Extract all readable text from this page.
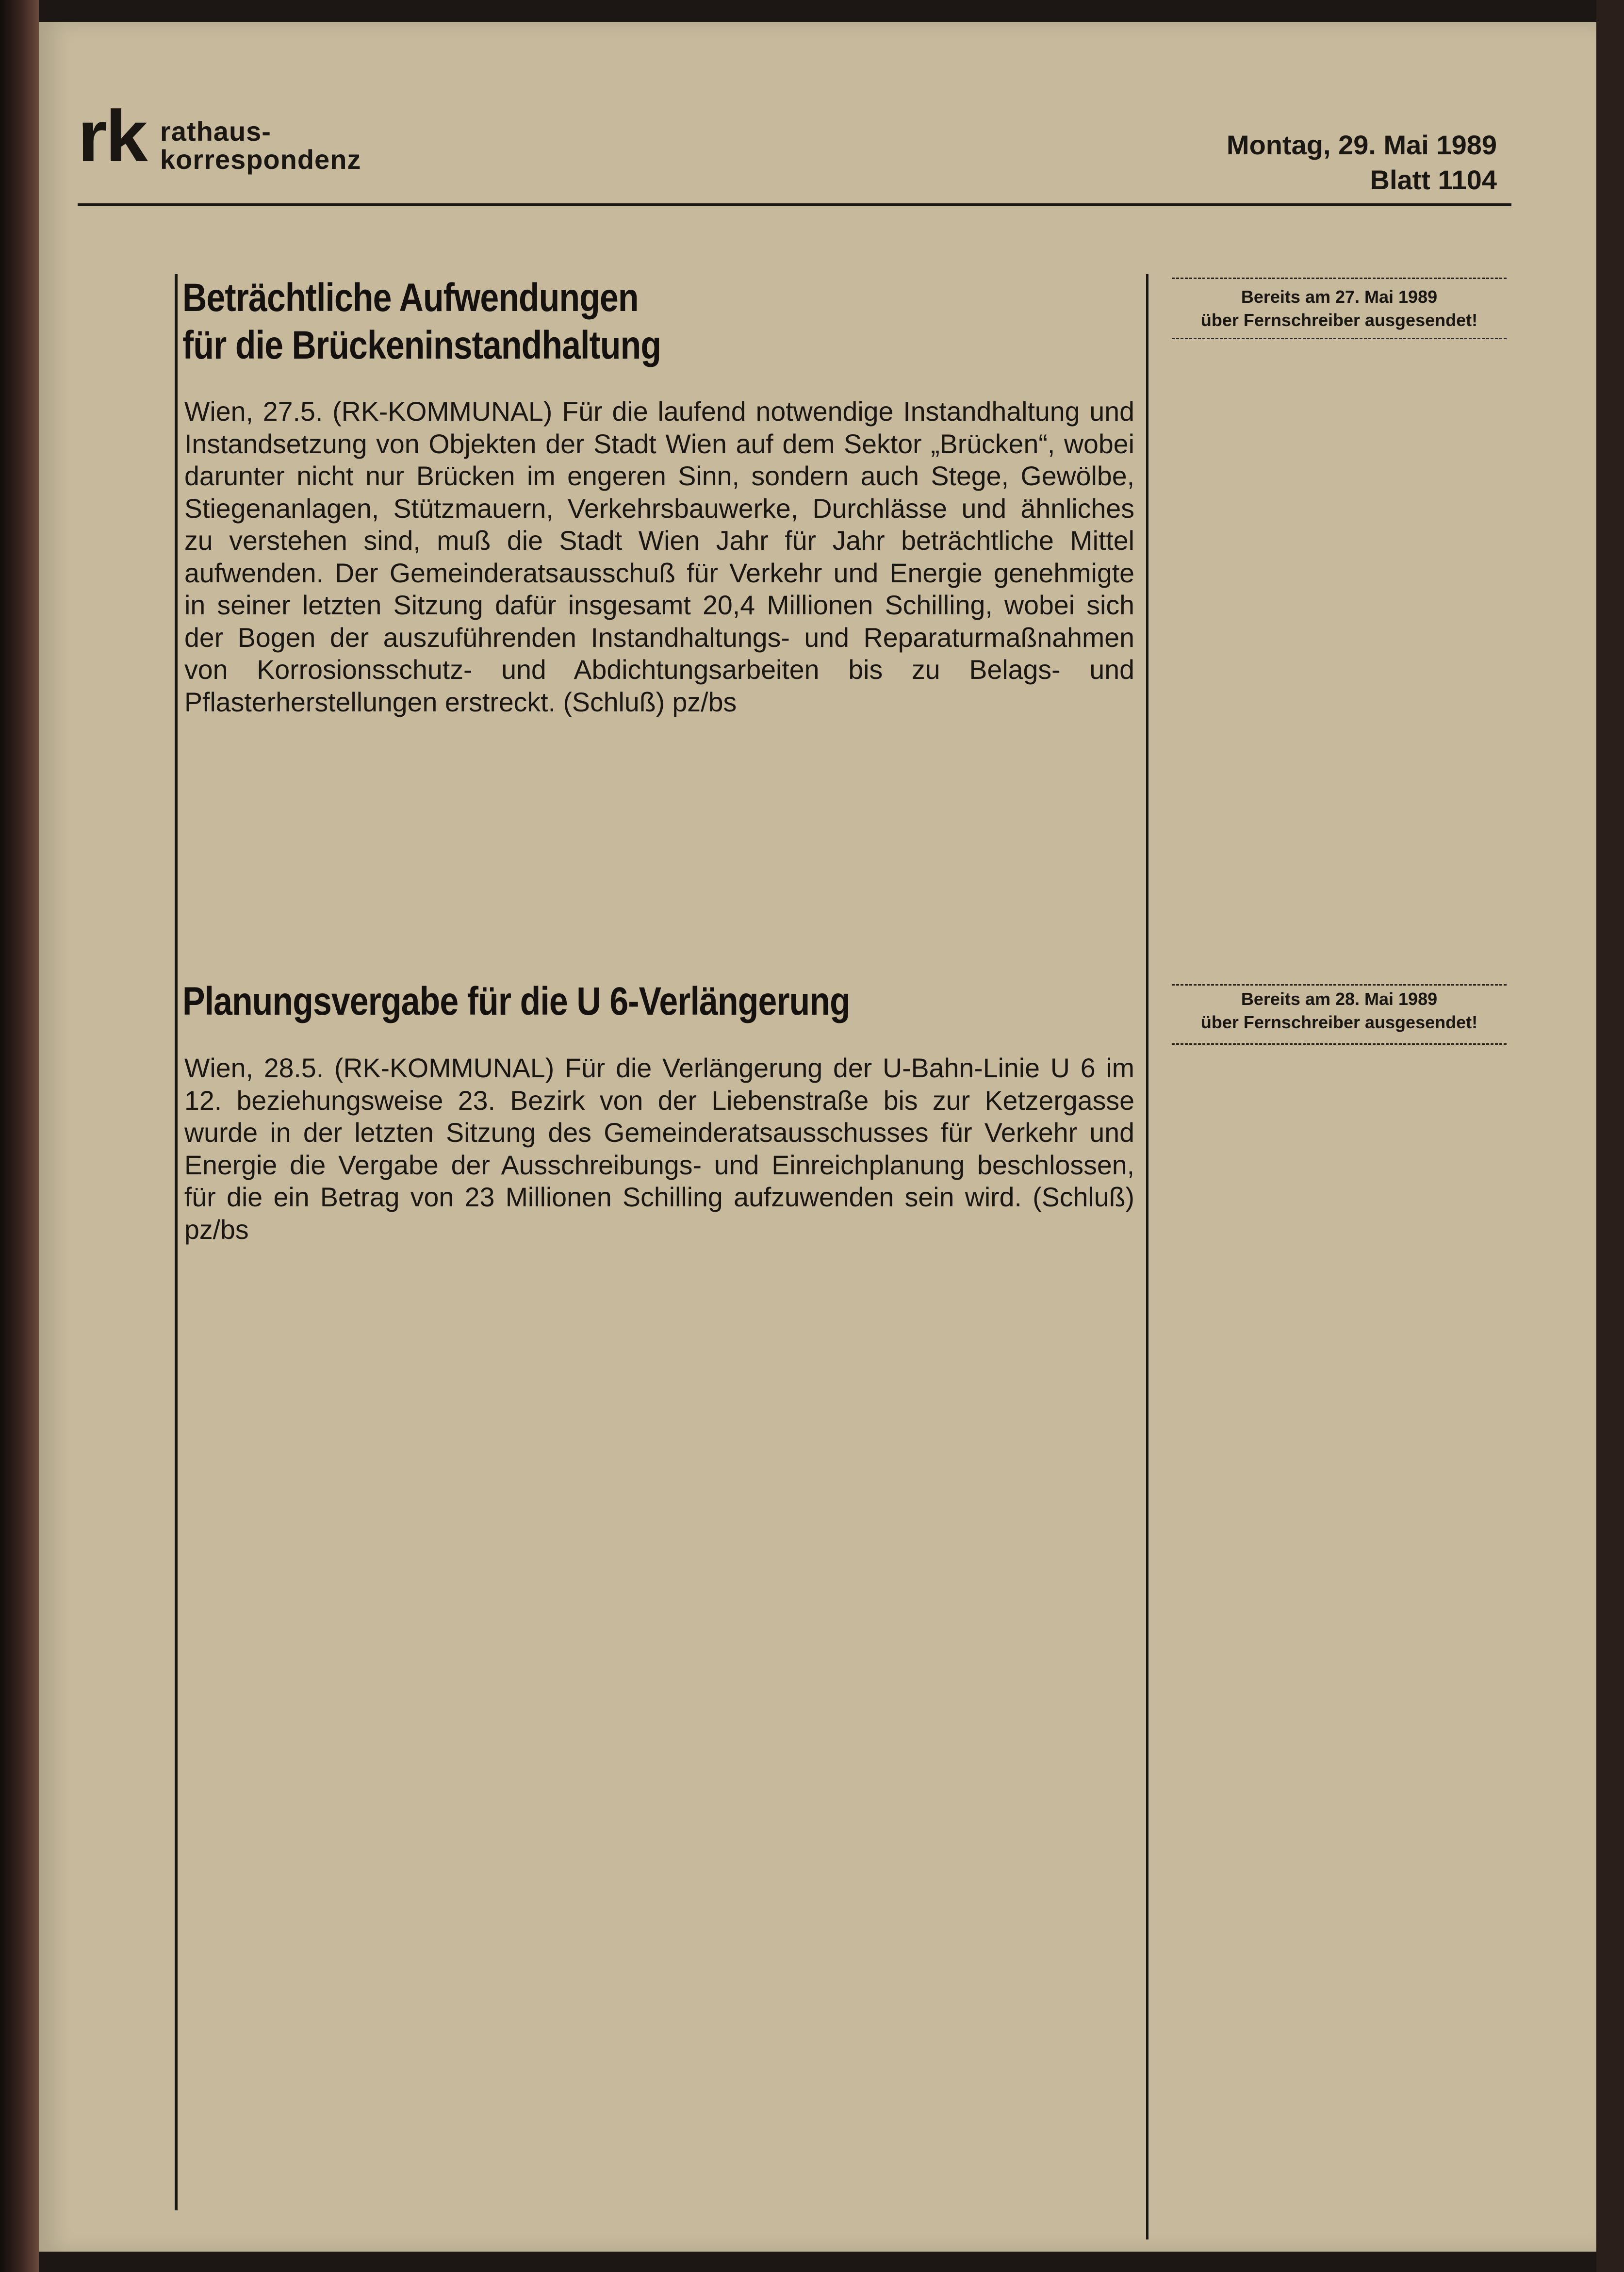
rk rathaus-
korrespondenz	Montag, 29. Mai 1989
Blatt 1104
Beträchtliche Aufwendungen
für die Brückeninstandhaltung

Wien, 27.5. (RK-KOMMUNAL) Für die laufend notwendige Instandhaltung und Instandsetzung von Objekten der Stadt Wien auf dem Sektor „Brücken“, wobei darunter nicht nur Brücken im engeren Sinn, sondern auch Stege, Gewölbe, Stiegenanlagen, Stützmauern, Verkehrsbauwerke, Durchlässe und ähnliches zu verstehen sind, muß die Stadt Wien Jahr für Jahr beträchtliche Mittel aufwenden. Der Gemeinderatsausschuß für Verkehr und Energie genehmigte in seiner letzten Sitzung dafür insgesamt 20,4 Millionen Schilling, wobei sich der Bogen der auszuführenden Instandhaltungs- und Reparaturmaßnahmen von Korrosionsschutz- und Abdichtungsarbeiten bis zu Belags- und Pflasterherstellungen erstreckt. (Schluß) pz/bs

Bereits am 27. Mai 1989
über Fernschreiber ausgesendet!
Planungsvergabe für die U 6-Verlängerung

Wien, 28.5. (RK-KOMMUNAL) Für die Verlängerung der U-Bahn-Linie U 6 im 12. beziehungsweise 23. Bezirk von der Liebenstraße bis zur Ketzergasse wurde in der letzten Sitzung des Gemeinderatsausschusses für Verkehr und Energie die Vergabe der Ausschreibungs- und Einreichplanung beschlossen, für die ein Betrag von 23 Millionen Schilling aufzuwenden sein wird. (Schluß) pz/bs

Bereits am 28. Mai 1989
über Fernschreiber ausgesendet!
